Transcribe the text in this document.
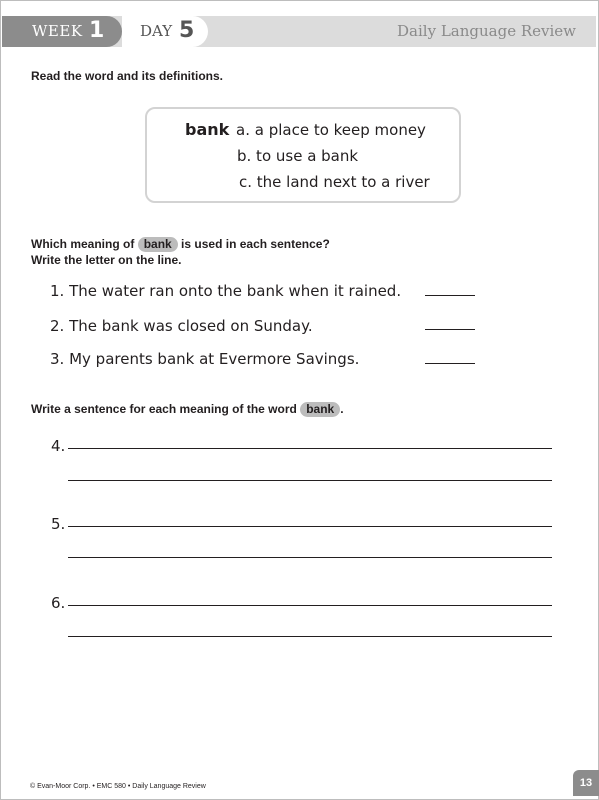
WEEK 1 DAY 5	Daily Language Review
Read the word and its definitions.
bank a. a place to keep money
b. to use a bank
c. the land next to a river
Which meaning of bank is used in each sentence?
Write the letter on the line.
1. The water ran onto the bank when it rained.
2. The bank was closed on Sunday.
3. My parents bank at Evermore Savings.
Write a sentence for each meaning of the word bank .
4.
5.
6.
© Evan-Moor Corp. • EMC 580 • Daily Language Review	13
